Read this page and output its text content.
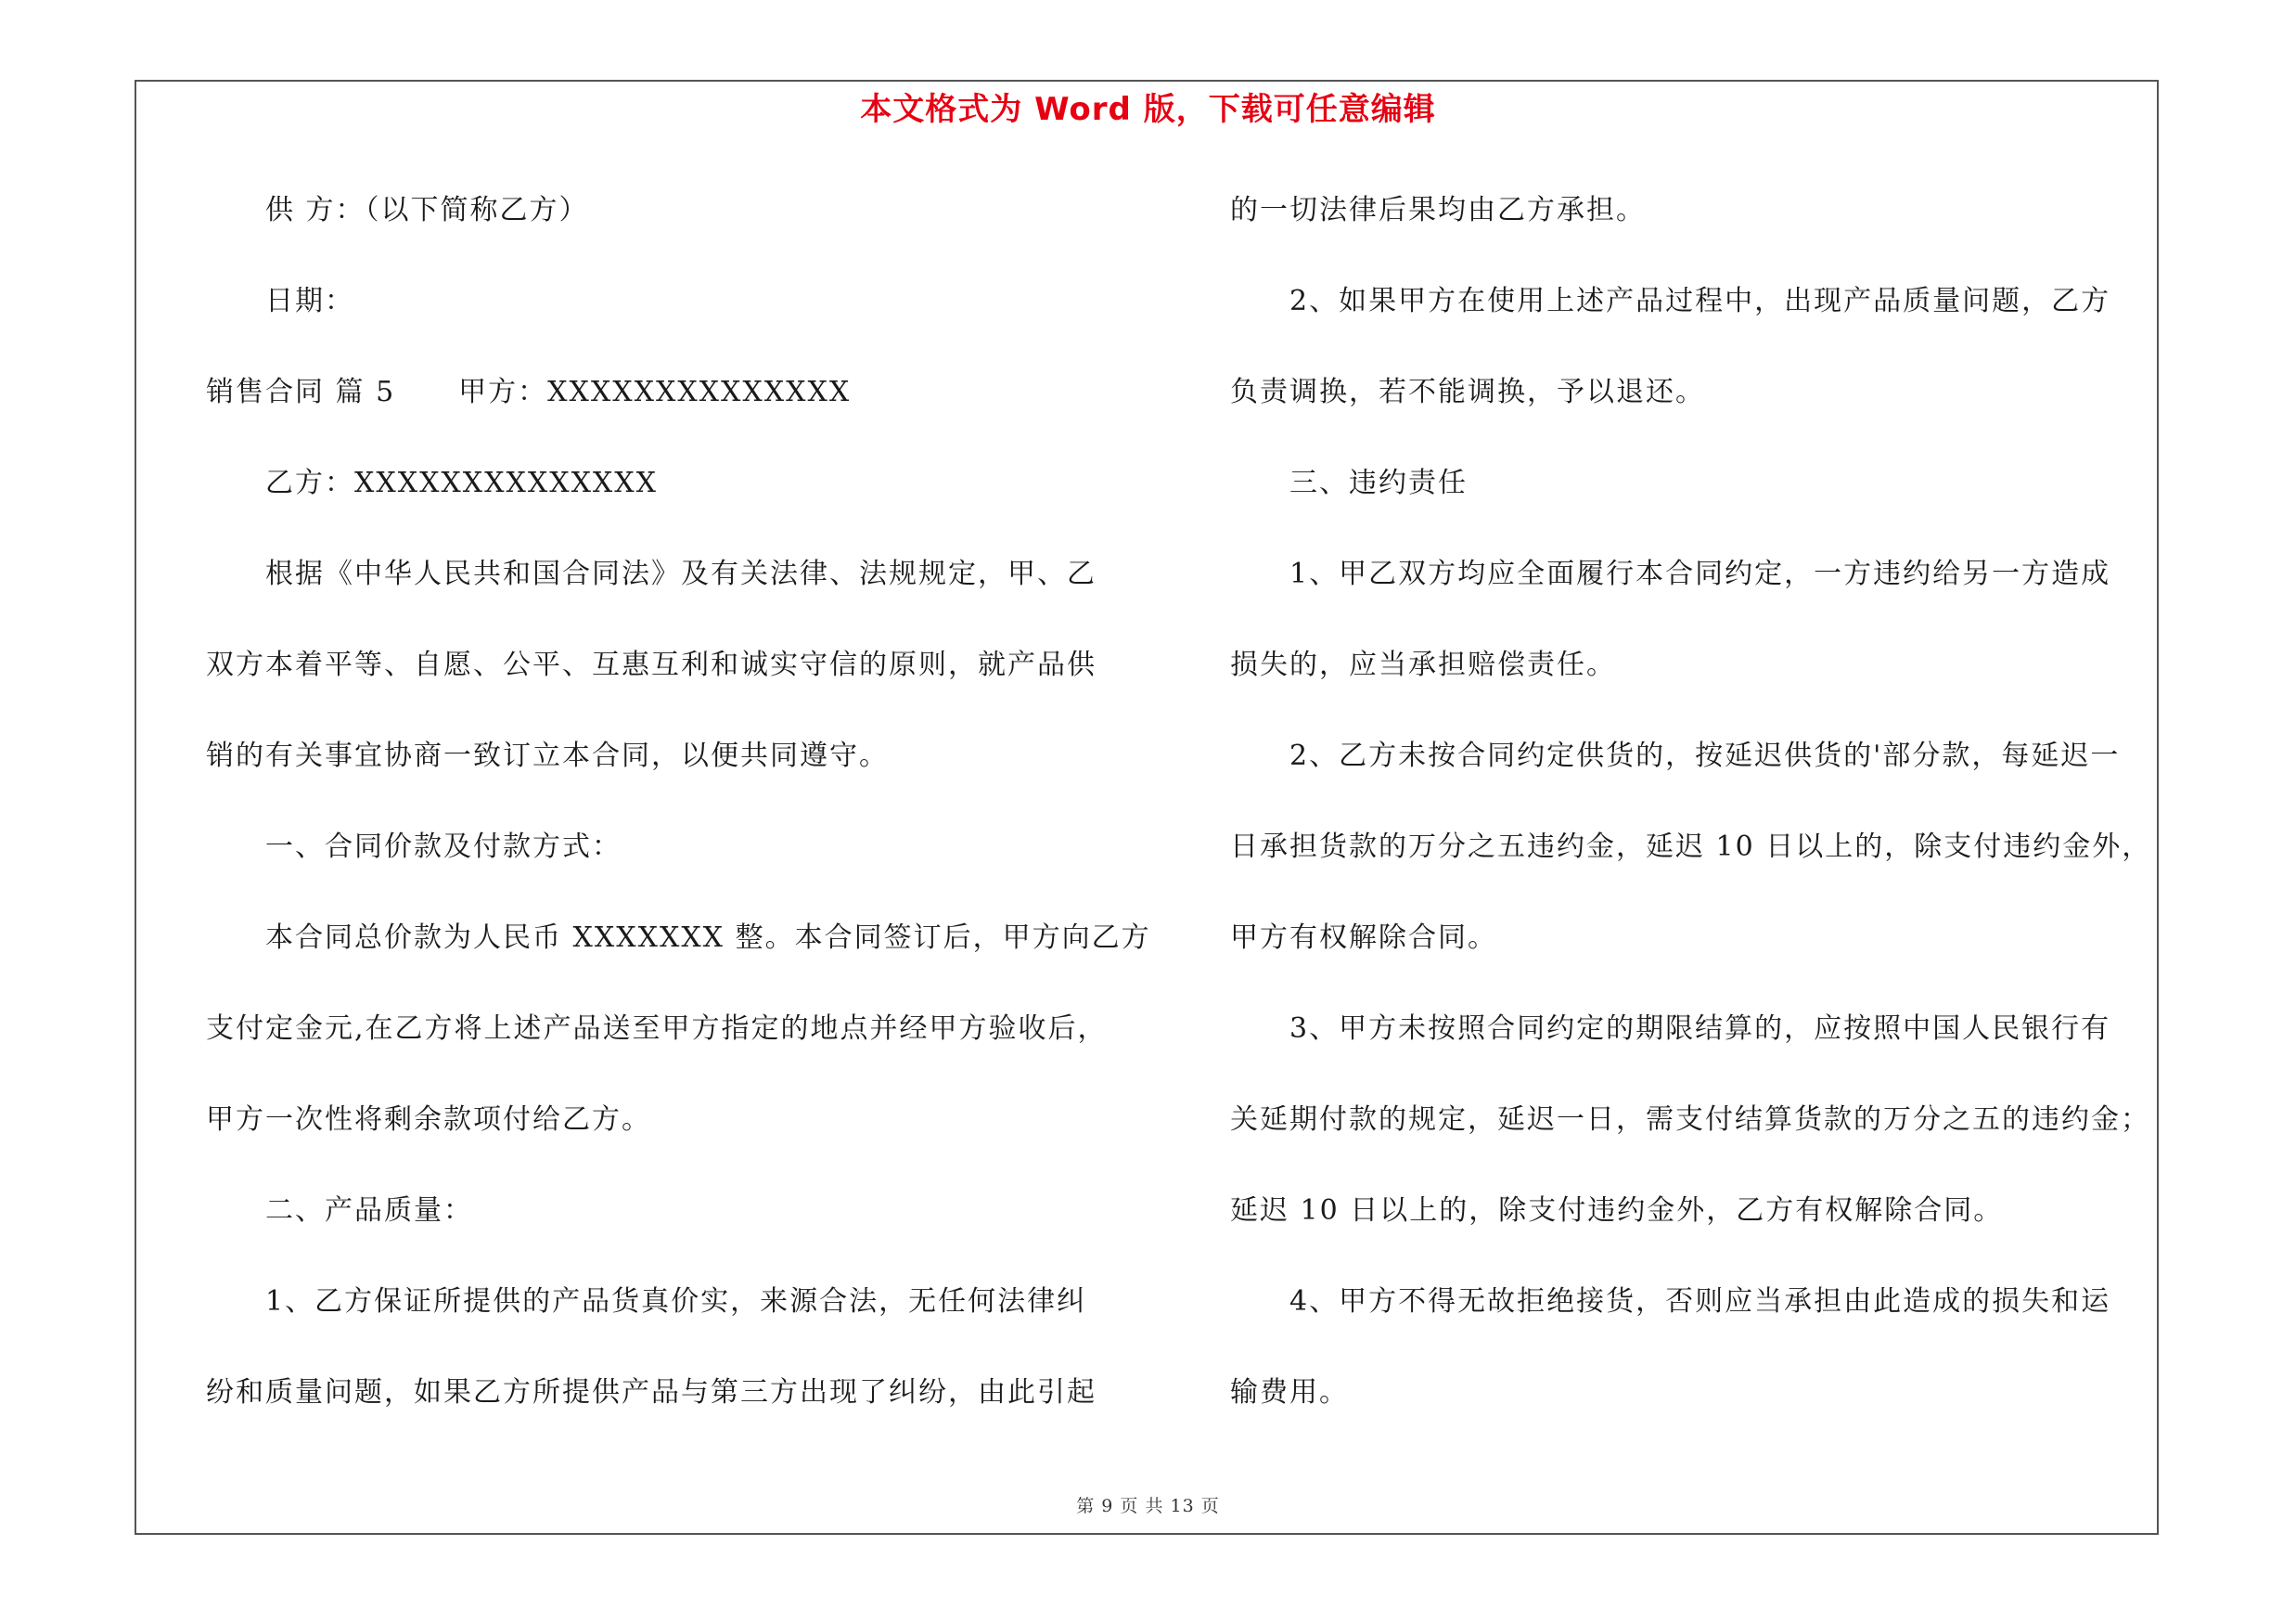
本文格式为 Word 版，下载可任意编辑
供 方：（以下简称乙方）
日期：
销售合同 篇 5 甲方：XXXXXXXXXXXXXX
乙方：XXXXXXXXXXXXXX
根据《中华人民共和国合同法》及有关法律、法规规定，甲、乙
双方本着平等、自愿、公平、互惠互利和诚实守信的原则，就产品供
销的有关事宜协商一致订立本合同，以便共同遵守。
一、合同价款及付款方式：
本合同总价款为人民币 XXXXXXX 整。本合同签订后，甲方向乙方
支付定金元,在乙方将上述产品送至甲方指定的地点并经甲方验收后，
甲方一次性将剩余款项付给乙方。
二、产品质量：
1、乙方保证所提供的产品货真价实，来源合法，无任何法律纠
纷和质量问题，如果乙方所提供产品与第三方出现了纠纷，由此引起
的一切法律后果均由乙方承担。
2、如果甲方在使用上述产品过程中，出现产品质量问题，乙方
负责调换，若不能调换，予以退还。
三、违约责任
1、甲乙双方均应全面履行本合同约定，一方违约给另一方造成
损失的，应当承担赔偿责任。
2、乙方未按合同约定供货的，按延迟供货的'部分款，每延迟一
日承担货款的万分之五违约金，延迟 10 日以上的，除支付违约金外，
甲方有权解除合同。
3、甲方未按照合同约定的期限结算的，应按照中国人民银行有
关延期付款的规定，延迟一日，需支付结算货款的万分之五的违约金；
延迟 10 日以上的，除支付违约金外，乙方有权解除合同。
4、甲方不得无故拒绝接货，否则应当承担由此造成的损失和运
输费用。
第 9 页 共 13 页
